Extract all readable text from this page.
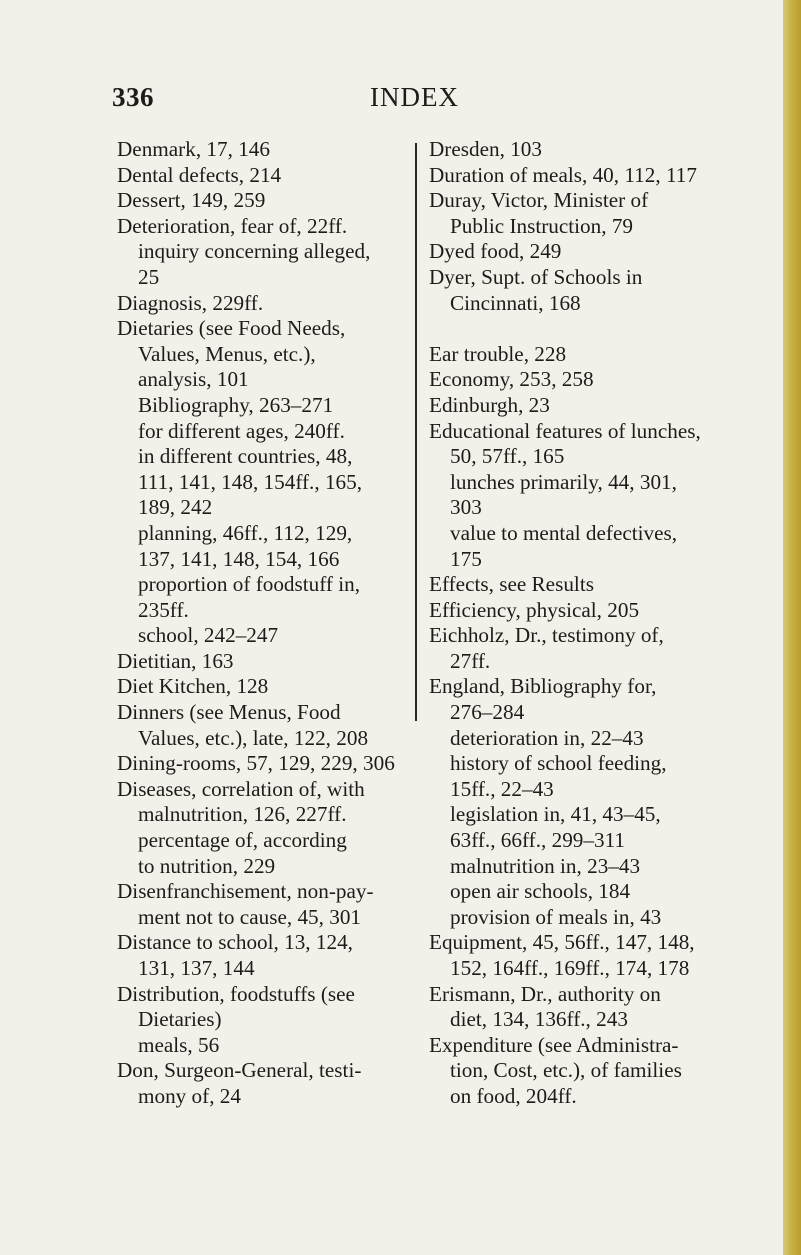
336	INDEX
Denmark, 17, 146
Dental defects, 214
Dessert, 149, 259
Deterioration, fear of, 22ff.
inquiry concerning alleged,
25
Diagnosis, 229ff.
Dietaries (see Food Needs,
Values, Menus, etc.),
analysis, 101
Bibliography, 263–271
for different ages, 240ff.
in different countries, 48,
111, 141, 148, 154ff., 165,
189, 242
planning, 46ff., 112, 129,
137, 141, 148, 154, 166
proportion of foodstuff in,
235ff.
school, 242–247
Dietitian, 163
Diet Kitchen, 128
Dinners (see Menus, Food
Values, etc.), late, 122, 208
Dining-rooms, 57, 129, 229, 306
Diseases, correlation of, with
malnutrition, 126, 227ff.
percentage of, according
to nutrition, 229
Disenfranchisement, non-pay-
ment not to cause, 45, 301
Distance to school, 13, 124,
131, 137, 144
Distribution, foodstuffs (see
Dietaries)
meals, 56
Don, Surgeon-General, testi-
mony of, 24
Dresden, 103
Duration of meals, 40, 112, 117
Duray, Victor, Minister of
Public Instruction, 79
Dyed food, 249
Dyer, Supt. of Schools in
Cincinnati, 168
Ear trouble, 228
Economy, 253, 258
Edinburgh, 23
Educational features of lunches,
50, 57ff., 165
lunches primarily, 44, 301,
303
value to mental defectives,
175
Effects, see Results
Efficiency, physical, 205
Eichholz, Dr., testimony of,
27ff.
England, Bibliography for,
276–284
deterioration in, 22–43
history of school feeding,
15ff., 22–43
legislation in, 41, 43–45,
63ff., 66ff., 299–311
malnutrition in, 23–43
open air schools, 184
provision of meals in, 43
Equipment, 45, 56ff., 147, 148,
152, 164ff., 169ff., 174, 178
Erismann, Dr., authority on
diet, 134, 136ff., 243
Expenditure (see Administra-
tion, Cost, etc.), of families
on food, 204ff.
